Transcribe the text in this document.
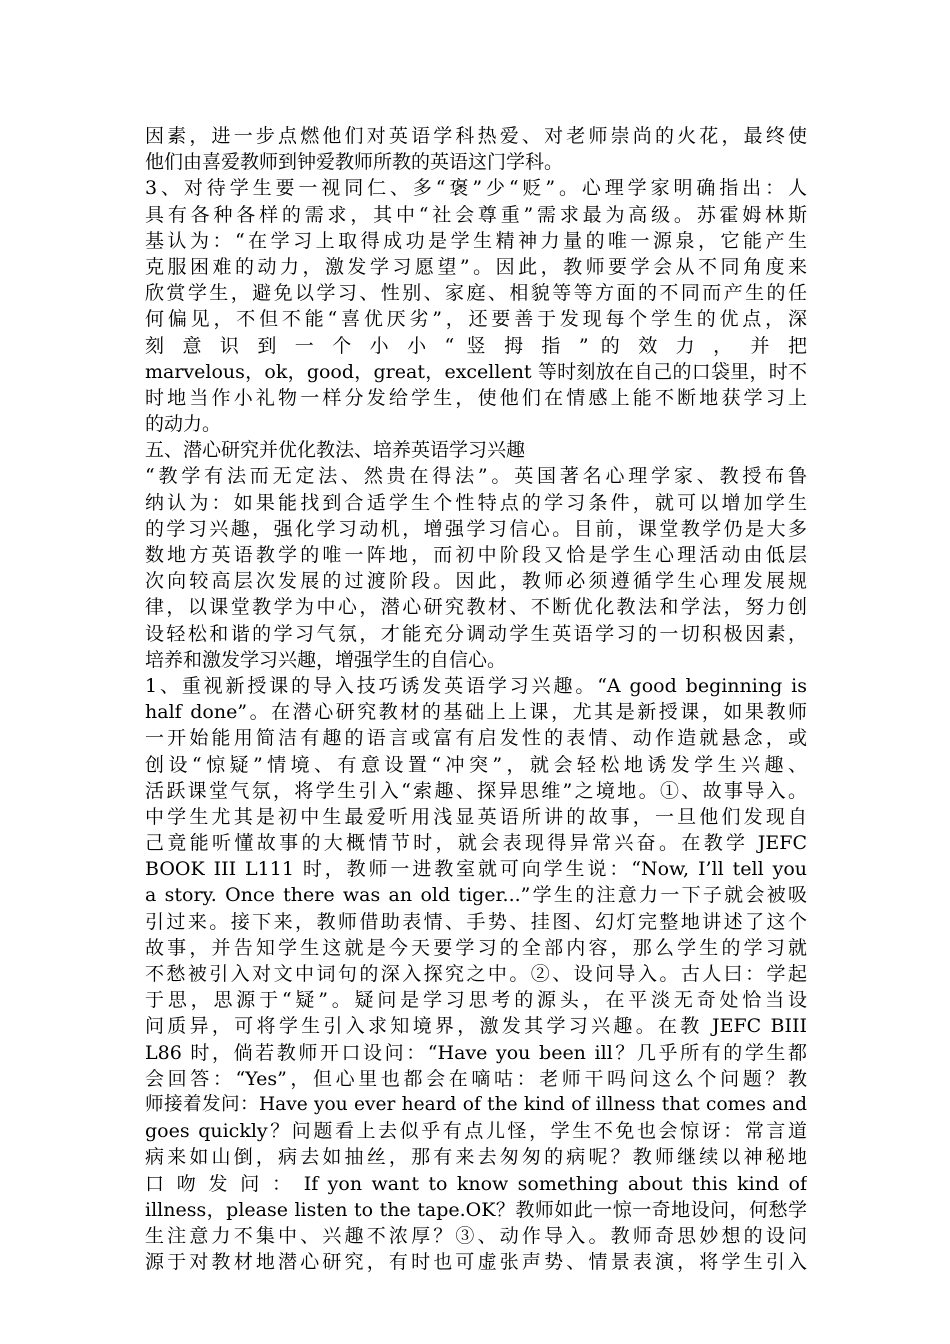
因素，进一步点燃他们对英语学科热爱、对老师崇尚的火花，最终使
他们由喜爱教师到钟爱教师所教的英语这门学科。

3、对待学生要一视同仁、多“褒”少“贬”。心理学家明确指出：人
具有各种各样的需求，其中“社会尊重”需求最为高级。苏霍姆林斯
基认为：“在学习上取得成功是学生精神力量的唯一源泉，它能产生
克服困难的动力，激发学习愿望”。因此，教师要学会从不同角度来
欣赏学生，避免以学习、性别、家庭、相貌等等方面的不同而产生的任
何偏见，不但不能“喜优厌劣”，还要善于发现每个学生的优点，深
刻 意 识 到 一 个 小 小 “ 竖 拇 指 ” 的 效 力 ， 并 把
marvelous，ok，good，great，excellent 等时刻放在自己的口袋里，时不
时地当作小礼物一样分发给学生，使他们在情感上能不断地获学习上
的动力。

五、潜心研究并优化教法、培养英语学习兴趣

“教学有法而无定法、然贵在得法”。英国著名心理学家、教授布鲁
纳认为：如果能找到合适学生个性特点的学习条件，就可以增加学生
的学习兴趣，强化学习动机，增强学习信心。目前，课堂教学仍是大多
数地方英语教学的唯一阵地，而初中阶段又恰是学生心理活动由低层
次向较高层次发展的过渡阶段。因此，教师必须遵循学生心理发展规
律，以课堂教学为中心，潜心研究教材、不断优化教法和学法，努力创
设轻松和谐的学习气氛，才能充分调动学生英语学习的一切积极因素，
培养和激发学习兴趣，增强学生的自信心。

1、重视新授课的导入技巧诱发英语学习兴趣。“A good beginning is
half done”。在潜心研究教材的基础上上课，尤其是新授课，如果教师
一开始能用简洁有趣的语言或富有启发性的表情、动作造就悬念，或
创设“惊疑”情境、有意设置“冲突”，就会轻松地诱发学生兴趣、
活跃课堂气氛，将学生引入“索趣、探异思维”之境地。①、故事导入。
中学生尤其是初中生最爱听用浅显英语所讲的故事，一旦他们发现自
己竟能听懂故事的大概情节时，就会表现得异常兴奋。在教学 JEFC
BOOK III L111 时，教师一进教室就可向学生说：“Now, I’ll tell you
a story. Once there was an old tiger...”学生的注意力一下子就会被吸
引过来。接下来，教师借助表情、手势、挂图、幻灯完整地讲述了这个
故事，并告知学生这就是今天要学习的全部内容，那么学生的学习就
不愁被引入对文中词句的深入探究之中。②、设问导入。古人曰：学起
于思，思源于“疑”。疑问是学习思考的源头，在平淡无奇处恰当设
问质异，可将学生引入求知境界，激发其学习兴趣。在教 JEFC BIII
L86 时，倘若教师开口设问：“Have you been ill？几乎所有的学生都
会回答：“Yes”，但心里也都会在嘀咕：老师干吗问这么个问题？教
师接着发问：Have you ever heard of the kind of illness that comes and
goes quickly？问题看上去似乎有点儿怪，学生不免也会惊讶：常言道
病来如山倒，病去如抽丝，那有来去匆匆的病呢？教师继续以神秘地
口 吻 发 问 ： If yon want to know something about this kind of
illness，please listen to the tape.OK？教师如此一惊一奇地设问，何愁学
生注意力不集中、兴趣不浓厚？③、动作导入。教师奇思妙想的设问
源于对教材地潜心研究，有时也可虚张声势、情景表演，将学生引入
